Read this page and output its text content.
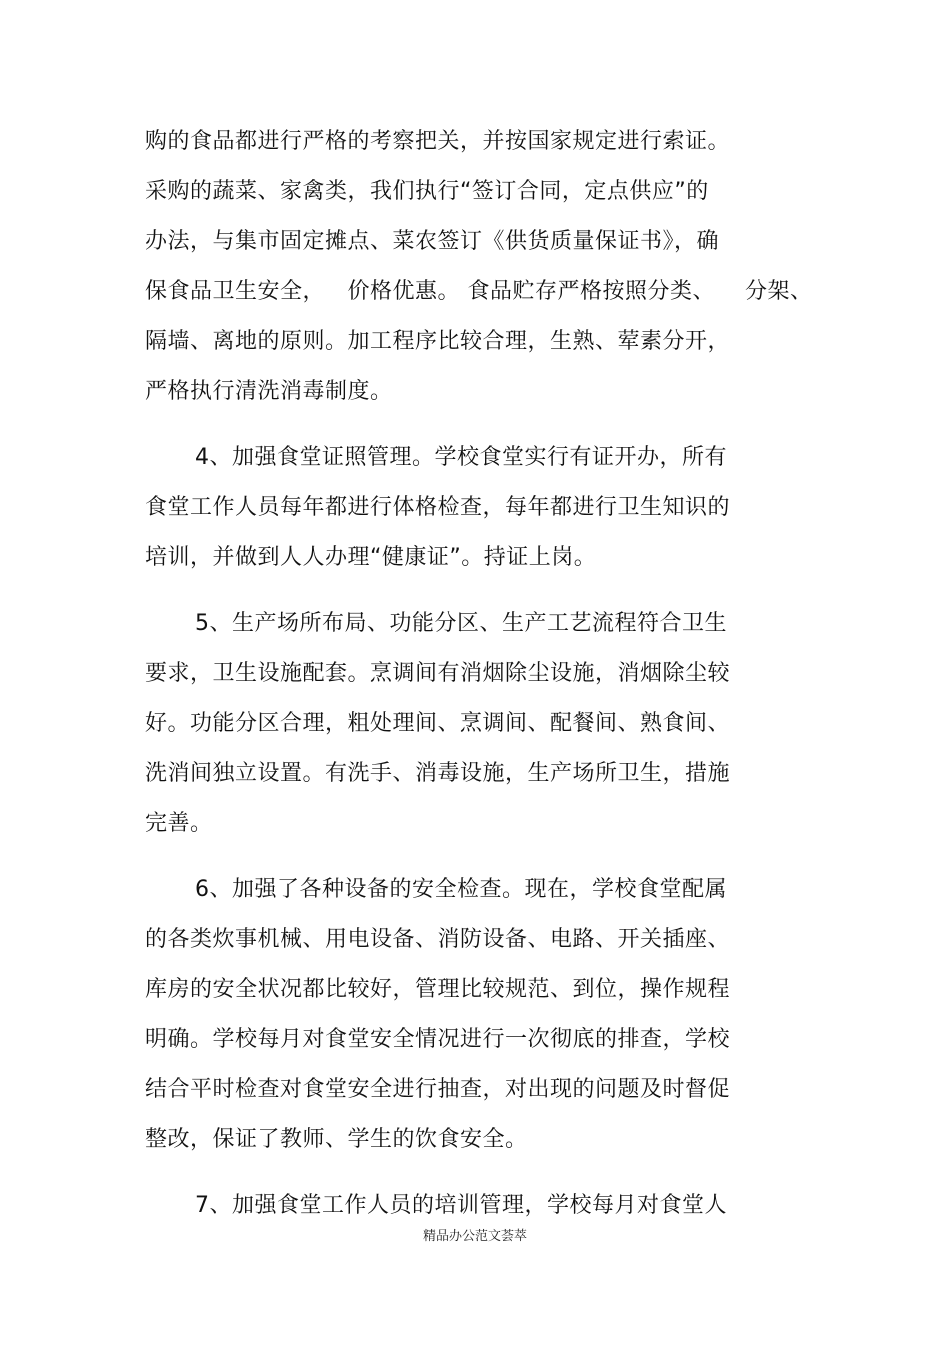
购的食品都进行严格的考察把关，并按国家规定进行索证。
采购的蔬菜、家禽类，我们执行“签订合同，定点供应”的
办法，与集市固定摊点、菜农签订《供货质量保证书》，确
保食品卫生安全，   价格优惠。 食品贮存严格按照分类、    分架、
隔墙、离地的原则。加工程序比较合理，生熟、荤素分开，
严格执行清洗消毒制度。
4、加强食堂证照管理。学校食堂实行有证开办，所有
食堂工作人员每年都进行体格检查，每年都进行卫生知识的
培训，并做到人人办理“健康证”。持证上岗。
5、生产场所布局、功能分区、生产工艺流程符合卫生
要求，卫生设施配套。烹调间有消烟除尘设施，消烟除尘较
好。功能分区合理，粗处理间、烹调间、配餐间、熟食间、
洗消间独立设置。有洗手、消毒设施，生产场所卫生，措施
完善。
6、加强了各种设备的安全检查。现在，学校食堂配属
的各类炊事机械、用电设备、消防设备、电路、开关插座、
库房的安全状况都比较好，管理比较规范、到位，操作规程
明确。学校每月对食堂安全情况进行一次彻底的排查，学校
结合平时检查对食堂安全进行抽查，对出现的问题及时督促
整改，保证了教师、学生的饮食安全。
7、加强食堂工作人员的培训管理，学校每月对食堂人
精品办公范文荟萃
